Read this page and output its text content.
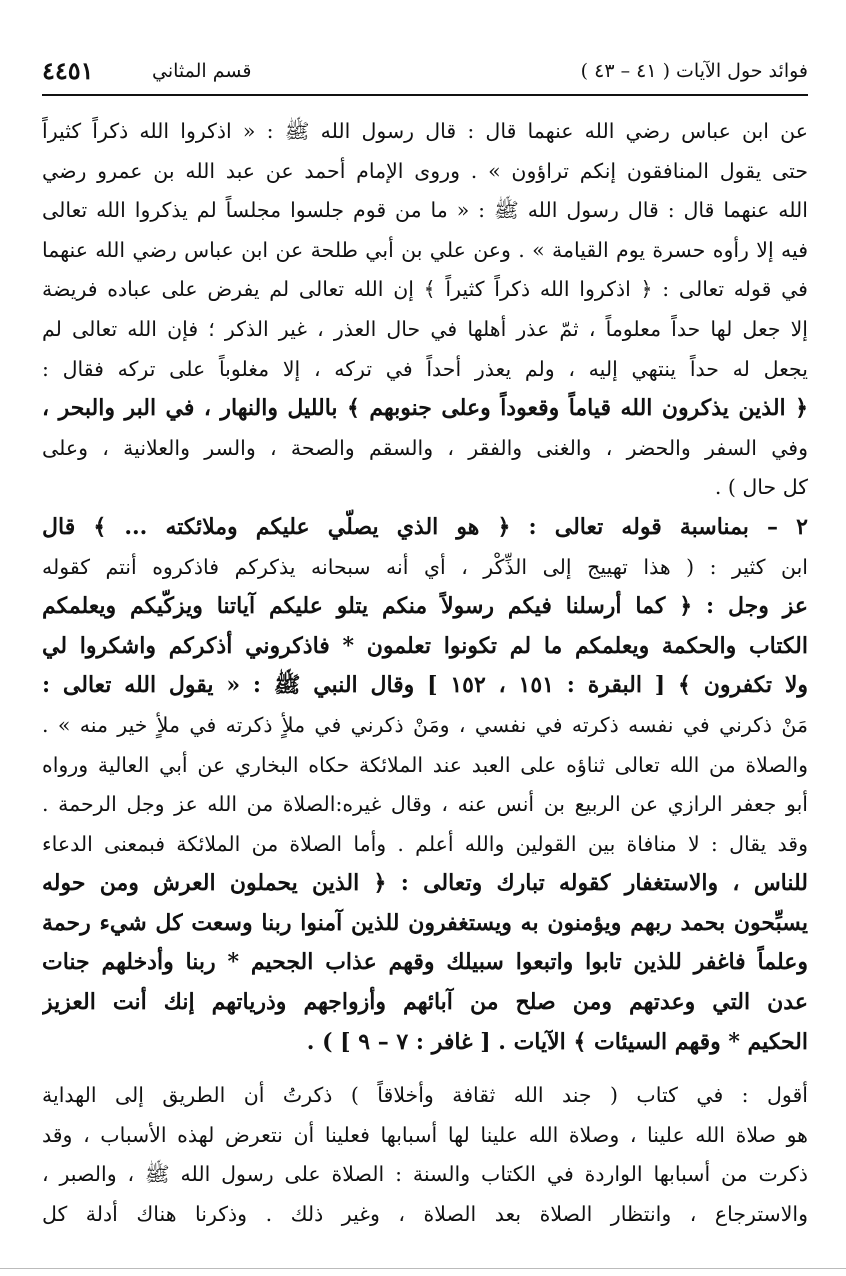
٤٤٥١	قسم المثاني	فوائد حول الآيات ( ٤١ – ٤٣ )
عن ابن عباس رضي الله عنهما قال : قال رسول الله ﷺ : « اذكروا الله ذكراً كثيراً
حتى يقول المنافقون إنكم تراؤون » . وروى الإمام أحمد عن عبد الله بن عمرو رضي
الله عنهما قال : قال رسول الله ﷺ : « ما من قوم جلسوا مجلساً لم يذكروا الله تعالى
فيه إلا رأوه حسرة يوم القيامة » . وعن علي بن أبي طلحة عن ابن عباس رضي الله عنهما
في قوله تعالى : ﴿ اذكروا الله ذكراً كثيراً ﴾ إن الله تعالى لم يفرض على عباده فريضة
إلا جعل لها حداً معلوماً ، ثمّ عذر أهلها في حال العذر ، غير الذكر ؛ فإن الله تعالى لم
يجعل له حداً ينتهي إليه ، ولم يعذر أحداً في تركه ، إلا مغلوباً على تركه فقال :
﴿ الذين يذكرون الله قياماً وقعوداً وعلى جنوبهم ﴾ بالليل والنهار ، في البر والبحر ،
وفي السفر والحضر ، والغنى والفقر ، والسقم والصحة ، والسر والعلانية ، وعلى
كل حال ) .
٢ – بمناسبة قوله تعالى : ﴿ هو الذي يصلّي عليكم وملائكته ... ﴾ قال
ابن كثير : ( هذا تهييج إلى الذِّكْر ، أي أنه سبحانه يذكركم فاذكروه أنتم كقوله
عز وجل : ﴿ كما أرسلنا فيكم رسولاً منكم يتلو عليكم آياتنا ويزكّيكم ويعلمكم
الكتاب والحكمة ويعلمكم ما لم تكونوا تعلمون * فاذكروني أذكركم واشكروا لي
ولا تكفرون ﴾ [ البقرة : ١٥١ ، ١٥٢ ] وقال النبي ﷺ : « يقول الله تعالى :
مَنْ ذكرني في نفسه ذكرته في نفسي ، ومَنْ ذكرني في ملأٍ ذكرته في ملأٍ خير منه » .
والصلاة من الله تعالى ثناؤه على العبد عند الملائكة حكاه البخاري عن أبي العالية ورواه
أبو جعفر الرازي عن الربيع بن أنس عنه ، وقال غيره:الصلاة من الله عز وجل الرحمة .
وقد يقال : لا منافاة بين القولين والله أعلم . وأما الصلاة من الملائكة فبمعنى الدعاء
للناس ، والاستغفار كقوله تبارك وتعالى : ﴿ الذين يحملون العرش ومن حوله
يسبِّحون بحمد ربهم ويؤمنون به ويستغفرون للذين آمنوا ربنا وسعت كل شيء رحمة
وعلماً فاغفر للذين تابوا واتبعوا سبيلك وقهم عذاب الجحيم * ربنا وأدخلهم جنات
عدن التي وعدتهم ومن صلح من آبائهم وأزواجهم وذرياتهم إنك أنت العزيز
الحكيم * وقهم السيئات ﴾ الآيات . [ غافر : ٧ – ٩ ] ) .
أقول : في كتاب ( جند الله ثقافة وأخلاقاً ) ذكرتُ أن الطريق إلى الهداية
هو صلاة الله علينا ، وصلاة الله علينا لها أسبابها فعلينا أن نتعرض لهذه الأسباب ، وقد
ذكرت من أسبابها الواردة في الكتاب والسنة : الصلاة على رسول الله ﷺ ، والصبر ،
والاسترجاع ، وانتظار الصلاة بعد الصلاة ، وغير ذلك . وذكرنا هناك أدلة كل
